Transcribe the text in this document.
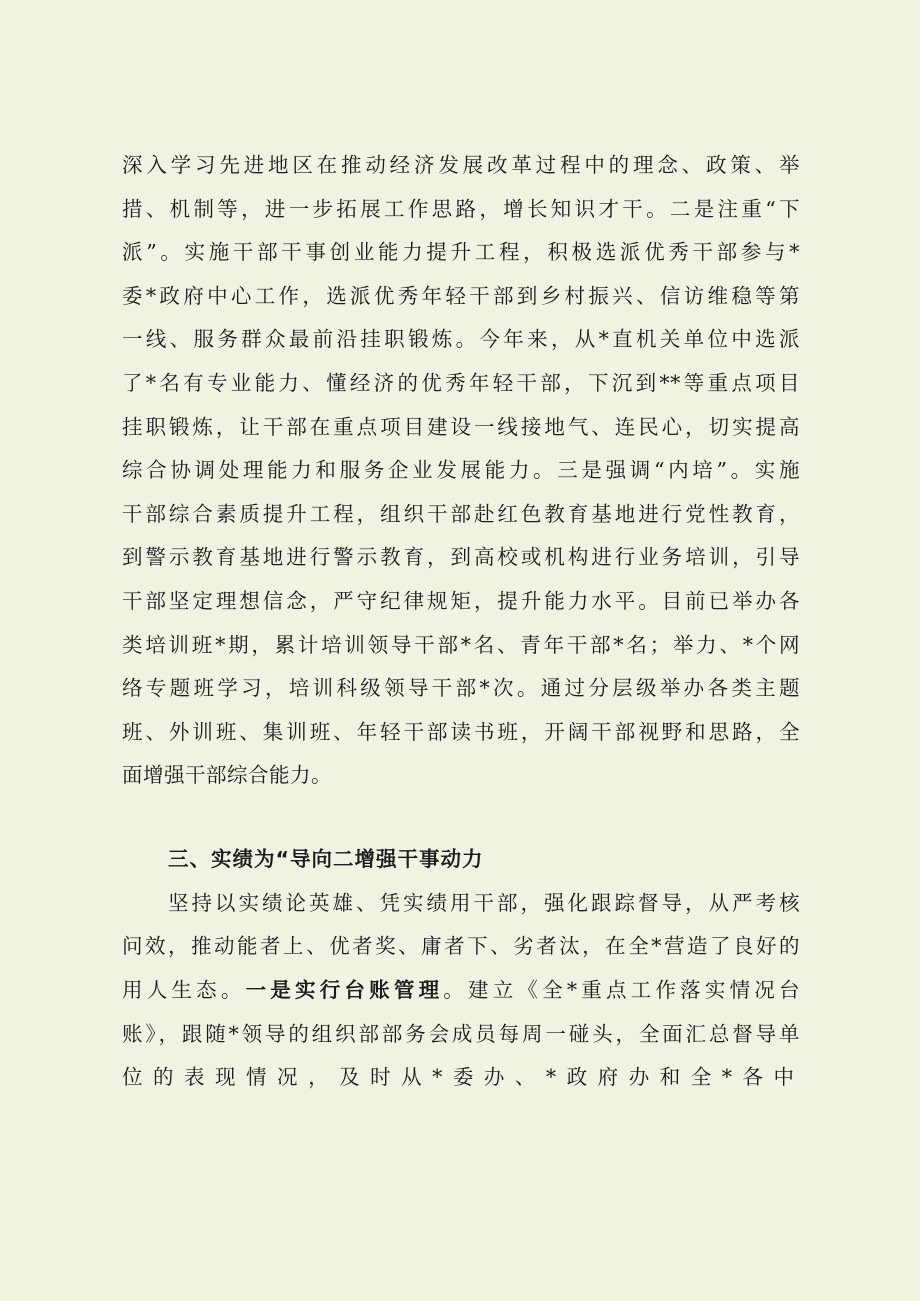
深入学习先进地区在推动经济发展改革过程中的理念、政策、举
措、机制等，进一步拓展工作思路，增长知识才干。二是注重“下
派”。实施干部干事创业能力提升工程，积极选派优秀干部参与*
委*政府中心工作，选派优秀年轻干部到乡村振兴、信访维稳等第
一线、服务群众最前沿挂职锻炼。今年来，从*直机关单位中选派
了*名有专业能力、懂经济的优秀年轻干部，下沉到**等重点项目
挂职锻炼，让干部在重点项目建设一线接地气、连民心，切实提高
综合协调处理能力和服务企业发展能力。三是强调“内培”。实施
干部综合素质提升工程，组织干部赴红色教育基地进行党性教育，
到警示教育基地进行警示教育，到高校或机构进行业务培训，引导
干部坚定理想信念，严守纪律规矩，提升能力水平。目前已举办各
类培训班*期，累计培训领导干部*名、青年干部*名；举力、*个网
络专题班学习，培训科级领导干部*次。通过分层级举办各类主题
班、外训班、集训班、年轻干部读书班，开阔干部视野和思路，全
面增强干部综合能力。
三、实绩为“导向二增强干事动力
坚持以实绩论英雄、凭实绩用干部，强化跟踪督导，从严考核
问效，推动能者上、优者奖、庸者下、劣者汰，在全*营造了良好的
用人生态。一是实行台账管理。建立《全*重点工作落实情况台
账》，跟随*领导的组织部部务会成员每周一碰头，全面汇总督导单
位的表现情况，及时从*委办、*政府办和全*各中
